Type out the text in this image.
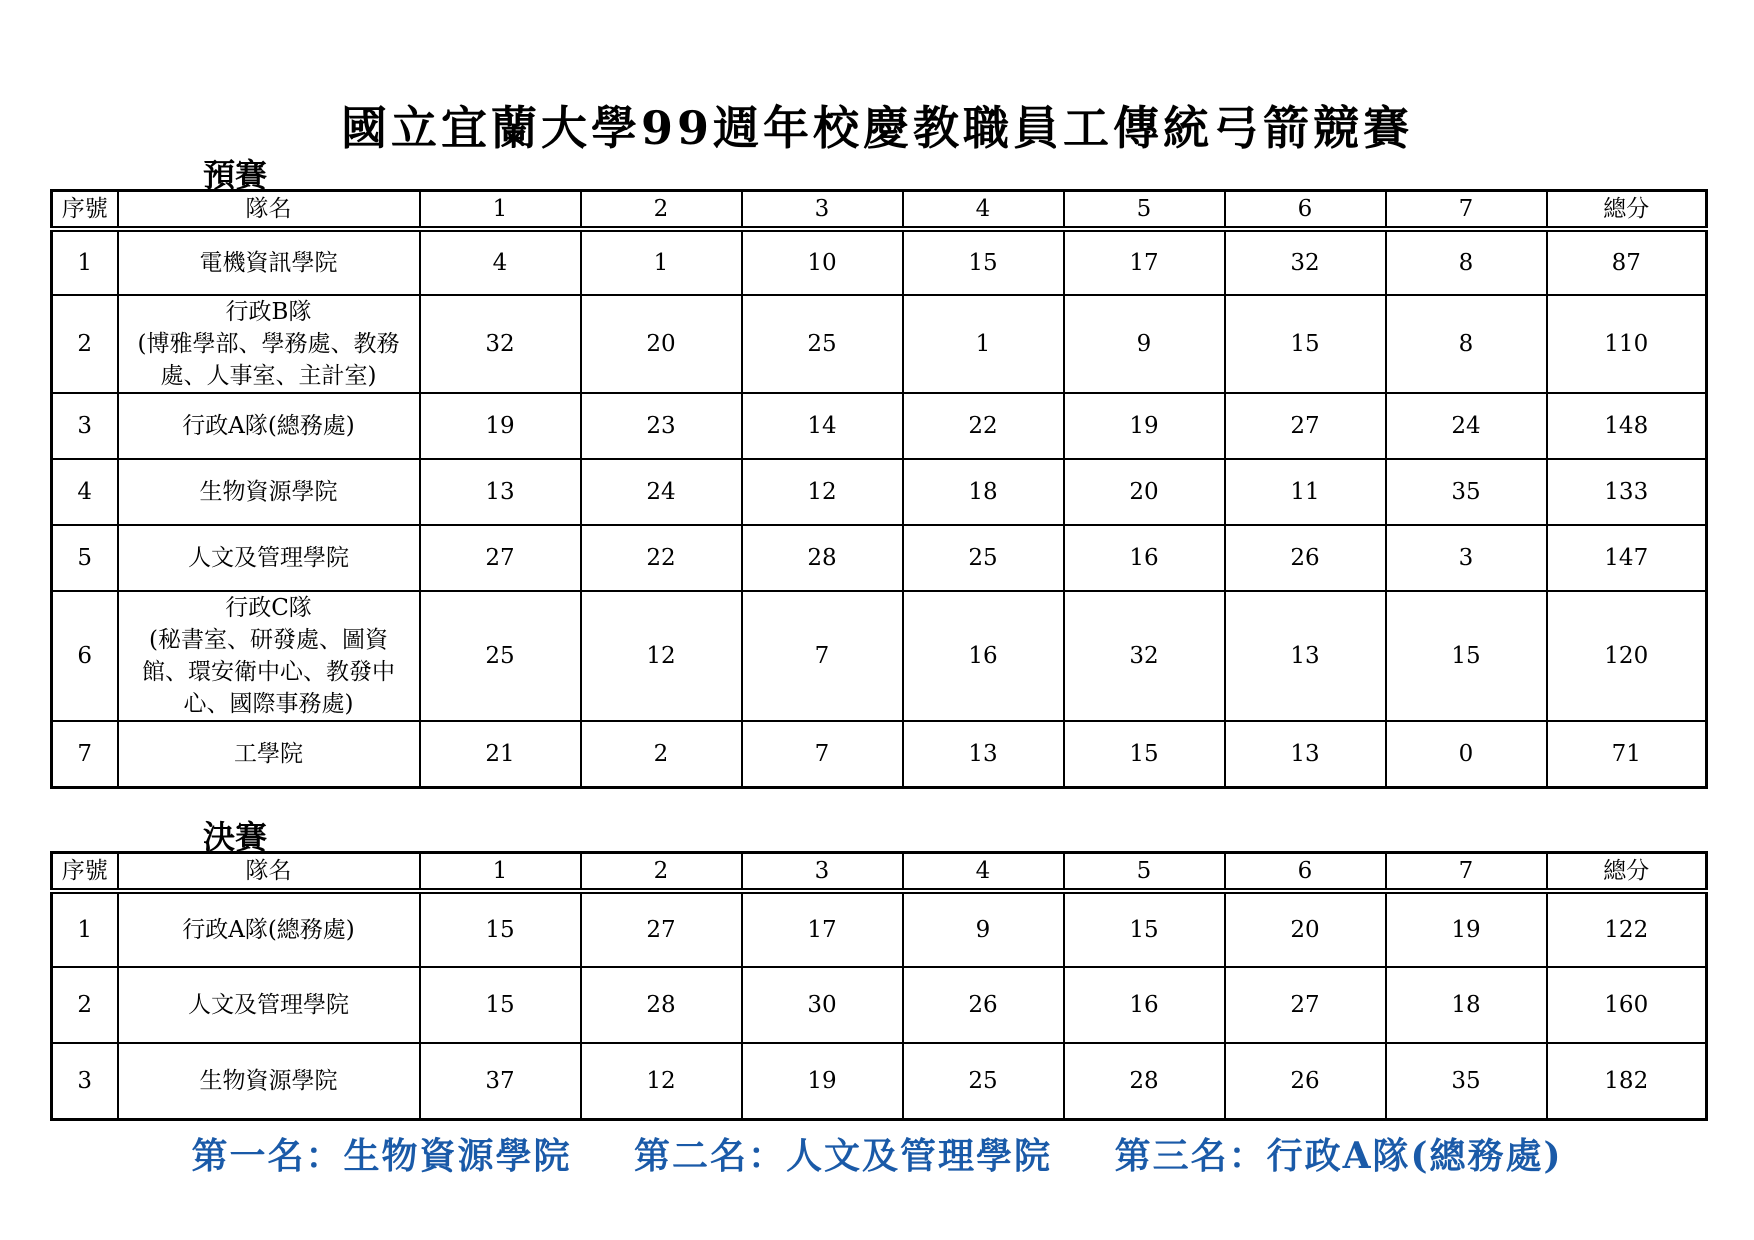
國立宜蘭大學99週年校慶教職員工傳統弓箭競賽
預賽
序號	隊名	1	2	3	4	5	6	7	總分
1	電機資訊學院	4	1	10	15	17	32	8	87
2	行政B隊
(博雅學部、學務處、教務
處、人事室、主計室)	32	20	25	1	9	15	8	110
3	行政A隊(總務處)	19	23	14	22	19	27	24	148
4	生物資源學院	13	24	12	18	20	11	35	133
5	人文及管理學院	27	22	28	25	16	26	3	147
6	行政C隊
(秘書室、研發處、圖資
館、環安衛中心、教發中
心、國際事務處)	25	12	7	16	32	13	15	120
7	工學院	21	2	7	13	15	13	0	71
決賽
序號	隊名	1	2	3	4	5	6	7	總分
1	行政A隊(總務處)	15	27	17	9	15	20	19	122
2	人文及管理學院	15	28	30	26	16	27	18	160
3	生物資源學院	37	12	19	25	28	26	35	182
第一名：生物資源學院 第二名：人文及管理學院 第三名：行政A隊(總務處)
